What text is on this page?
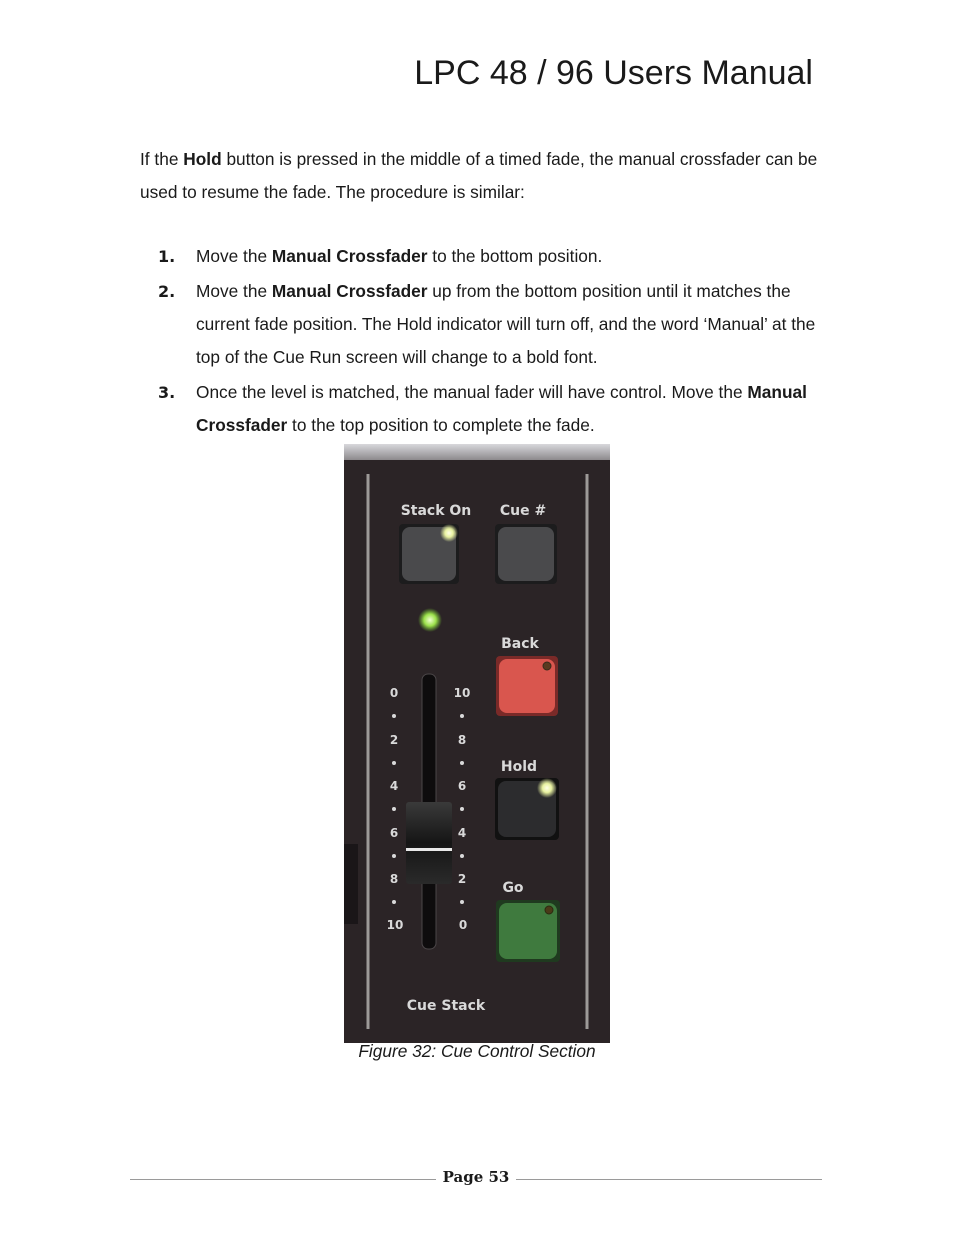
LPC 48 / 96 Users Manual

If the Hold button is pressed in the middle of a timed fade, the manual crossfader can be used to resume the fade. The procedure is similar:

1. Move the Manual Crossfader to the bottom position.
2. Move the Manual Crossfader up from the bottom position until it matches the current fade position. The Hold indicator will turn off, and the word ‘Manual’ at the top of the Cue Run screen will change to a bold font.
3. Once the level is matched, the manual fader will have control. Move the Manual Crossfader to the top position to complete the fade.
Stack On Cue #
Back
Hold
Go
0
2
4
6
8
10
10
8
6
4
2
0
Cue Stack
Figure 32: Cue Control Section
Page 53
